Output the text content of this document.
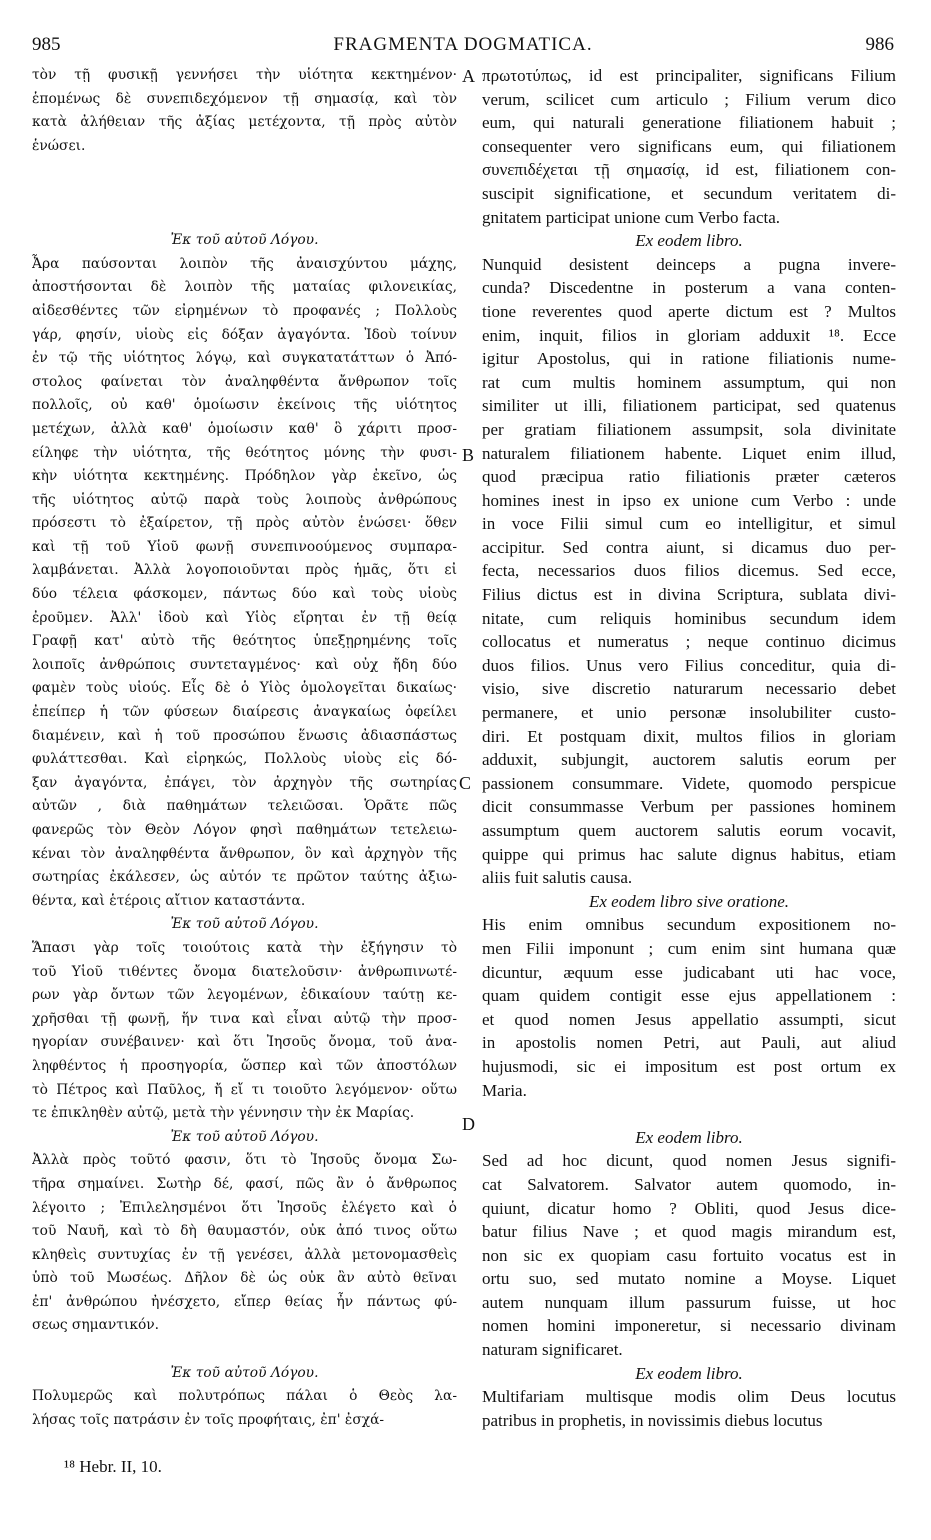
985	FRAGMENTA DOGMATICA.	986
τὸν τῇ φυσικῇ γεννήσει τὴν υἱότητα κεκτημένον·
ἑπομένως δὲ συνεπιδεχόμενον τῇ σημασίᾳ, καὶ τὸν
κατὰ ἀλήθειαν τῆς ἀξίας μετέχοντα, τῇ πρὸς αὐτὸν
ἑνώσει.
Ἐκ τοῦ αὐτοῦ Λόγου.
Ἆρα παύσονται λοιπὸν τῆς ἀναισχύντου μάχης,
ἀποστήσονται δὲ λοιπὸν τῆς ματαίας φιλονεικίας,
αἰδεσθέντες τῶν εἰρημένων τὸ προφανές ; Πολλοὺς
γάρ, φησίν, υἱοὺς εἰς δόξαν ἀγαγόντα. Ἰδοὺ τοίνυν
ἐν τῷ τῆς υἱότητος λόγῳ, καὶ συγκατατάττων ὁ Ἀπό-
στολος φαίνεται τὸν ἀναληφθέντα ἄνθρωπον τοῖς
πολλοῖς, οὐ καθ' ὁμοίωσιν ἐκείνοις τῆς υἱότητος
μετέχων, ἀλλὰ καθ' ὁμοίωσιν καθ' ὃ χάριτι προσ-
είληφε τὴν υἱότητα, τῆς θεότητος μόνης τὴν φυσι-
κὴν υἱότητα κεκτημένης. Πρόδηλον γὰρ ἐκεῖνο, ὡς
τῆς υἱότητος αὐτῷ παρὰ τοὺς λοιποὺς ἀνθρώπους
πρόσεστι τὸ ἐξαίρετον, τῇ πρὸς αὐτὸν ἑνώσει· ὅθεν
καὶ τῇ τοῦ Υἱοῦ φωνῇ συνεπινοούμενος συμπαρα-
λαμβάνεται. Ἀλλὰ λογοποιοῦνται πρὸς ἡμᾶς, ὅτι εἰ
δύο τέλεια φάσκομεν, πάντως δύο καὶ τοὺς υἱοὺς
ἐροῦμεν. Ἀλλ' ἰδοὺ καὶ Υἱὸς εἴρηται ἐν τῇ θείᾳ
Γραφῇ κατ' αὐτὸ τῆς θεότητος ὑπεξῃρημένης τοῖς
λοιποῖς ἀνθρώποις συντεταγμένος· καὶ οὐχ ἤδη δύο
φαμὲν τοὺς υἱούς. Εἷς δὲ ὁ Υἱὸς ὁμολογεῖται δικαίως·
ἐπείπερ ἡ τῶν φύσεων διαίρεσις ἀναγκαίως ὀφείλει
διαμένειν, καὶ ἡ τοῦ προσώπου ἕνωσις ἀδιασπάστως
φυλάττεσθαι. Καὶ εἰρηκώς, Πολλοὺς υἱοὺς εἰς δό-
ξαν ἀγαγόντα, ἐπάγει, τὸν ἀρχηγὸν τῆς σωτηρίας
αὐτῶν , διὰ παθημάτων τελειῶσαι. Ὁρᾶτε πῶς
φανερῶς τὸν Θεὸν Λόγον φησὶ παθημάτων τετελειω-
κέναι τὸν ἀναληφθέντα ἄνθρωπον, ὃν καὶ ἀρχηγὸν τῆς
σωτηρίας ἐκάλεσεν, ὡς αὐτόν τε πρῶτον ταύτης ἀξιω-
θέντα, καὶ ἑτέροις αἴτιον καταστάντα.
Ἐκ τοῦ αὐτοῦ Λόγου.
Ἅπασι γὰρ τοῖς τοιούτοις κατὰ τὴν ἐξήγησιν τὸ
τοῦ Υἱοῦ τιθέντες ὄνομα διατελοῦσιν· ἀνθρωπινωτέ-
ρων γὰρ ὄντων τῶν λεγομένων, ἐδικαίουν ταύτῃ κε-
χρῆσθαι τῇ φωνῇ, ἥν τινα καὶ εἶναι αὐτῷ τὴν προσ-
ηγορίαν συνέβαινεν· καὶ ὅτι Ἰησοῦς ὄνομα, τοῦ ἀνα-
ληφθέντος ἡ προσηγορία, ὥσπερ καὶ τῶν ἀποστόλων
τὸ Πέτρος καὶ Παῦλος, ἤ εἴ τι τοιοῦτο λεγόμενον· οὕτω
τε ἐπικληθὲν αὐτῷ, μετὰ τὴν γέννησιν τὴν ἐκ Μαρίας.
Ἐκ τοῦ αὐτοῦ Λόγου.
Ἀλλὰ πρὸς τοῦτό φασιν, ὅτι τὸ Ἰησοῦς ὄνομα Σω-
τῆρα σημαίνει. Σωτὴρ δέ, φασί, πῶς ἂν ὁ ἄνθρωπος
λέγοιτο ; Ἐπιλελησμένοι ὅτι Ἰησοῦς ἐλέγετο καὶ ὁ
τοῦ Ναυῆ, καὶ τὸ δὴ θαυμαστόν, οὐκ ἀπό τινος οὕτω
κληθεὶς συντυχίας ἐν τῇ γενέσει, ἀλλὰ μετονομασθεὶς
ὑπὸ τοῦ Μωσέως. Δῆλον δὲ ὡς οὐκ ἂν αὐτὸ θεῖναι
ἐπ' ἀνθρώπου ἠνέσχετο, εἴπερ θείας ἦν πάντως φύ-
σεως σημαντικόν.
Ἐκ τοῦ αὐτοῦ Λόγου.
Πολυμερῶς καὶ πολυτρόπως πάλαι ὁ Θεὸς λα-
λήσας τοῖς πατράσιν ἐν τοῖς προφήταις, ἐπ' ἐσχά-
πρωτοτύπως, id est principaliter, significans Filium
verum, scilicet cum articulo ; Filium verum dico
eum, qui naturali generatione filiationem habuit ;
consequenter vero significans eum, qui filiationem
συνεπιδέχεται τῇ σημασίᾳ, id est, filiationem con-
suscipit significatione, et secundum veritatem di-
gnitatem participat unione cum Verbo facta.
Ex eodem libro.
Nunquid desistent deinceps a pugna invere-
cunda? Discedentne in posterum a vana conten-
tione reverentes quod aperte dictum est ? Multos
enim, inquit, filios in gloriam adduxit ¹⁸. Ecce
igitur Apostolus, qui in ratione filiationis nume-
rat cum multis hominem assumptum, qui non
similiter ut illi, filiationem participat, sed quatenus
per gratiam filiationem assumpsit, sola divinitate
naturalem filiationem habente. Liquet enim illud,
quod præcipua ratio filiationis præter cæteros
homines inest in ipso ex unione cum Verbo : unde
in voce Filii simul cum eo intelligitur, et simul
accipitur. Sed contra aiunt, si dicamus duo per-
fecta, necessarios duos filios dicemus. Sed ecce,
Filius dictus est in divina Scriptura, sublata divi-
nitate, cum reliquis hominibus secundum idem
collocatus et numeratus ; neque continuo dicimus
duos filios. Unus vero Filius conceditur, quia di-
visio, sive discretio naturarum necessario debet
permanere, et unio personæ insolubiliter custo-
diri. Et postquam dixit, multos filios in gloriam
adduxit, subjungit, auctorem salutis eorum per
passionem consummare. Videte, quomodo perspicue
dicit consummasse Verbum per passiones hominem
assumptum quem auctorem salutis eorum vocavit,
quippe qui primus hac salute dignus habitus, etiam
aliis fuit salutis causa.
Ex eodem libro sive oratione.
His enim omnibus secundum expositionem no-
men Filii imponunt ; cum enim sint humana quæ
dicuntur, æquum esse judicabant uti hac voce,
quam quidem contigit esse ejus appellationem :
et quod nomen Jesus appellatio assumpti, sicut
in apostolis nomen Petri, aut Pauli, aut aliud
hujusmodi, sic ei impositum est post ortum ex
Maria.
Ex eodem libro.
Sed ad hoc dicunt, quod nomen Jesus signifi-
cat Salvatorem. Salvator autem quomodo, in-
quiunt, dicatur homo ? Obliti, quod Jesus dice-
batur filius Nave ; et quod magis mirandum est,
non sic ex quopiam casu fortuito vocatus est in
ortu suo, sed mutato nomine a Moyse. Liquet
autem nunquam illum passurum fuisse, ut hoc
nomen homini imponeretur, si necessario divinam
naturam significaret.
Ex eodem libro.
Multifariam multisque modis olim Deus locutus
patribus in prophetis, in novissimis diebus locutus
A
B
C
D
¹⁸ Hebr. II, 10.
